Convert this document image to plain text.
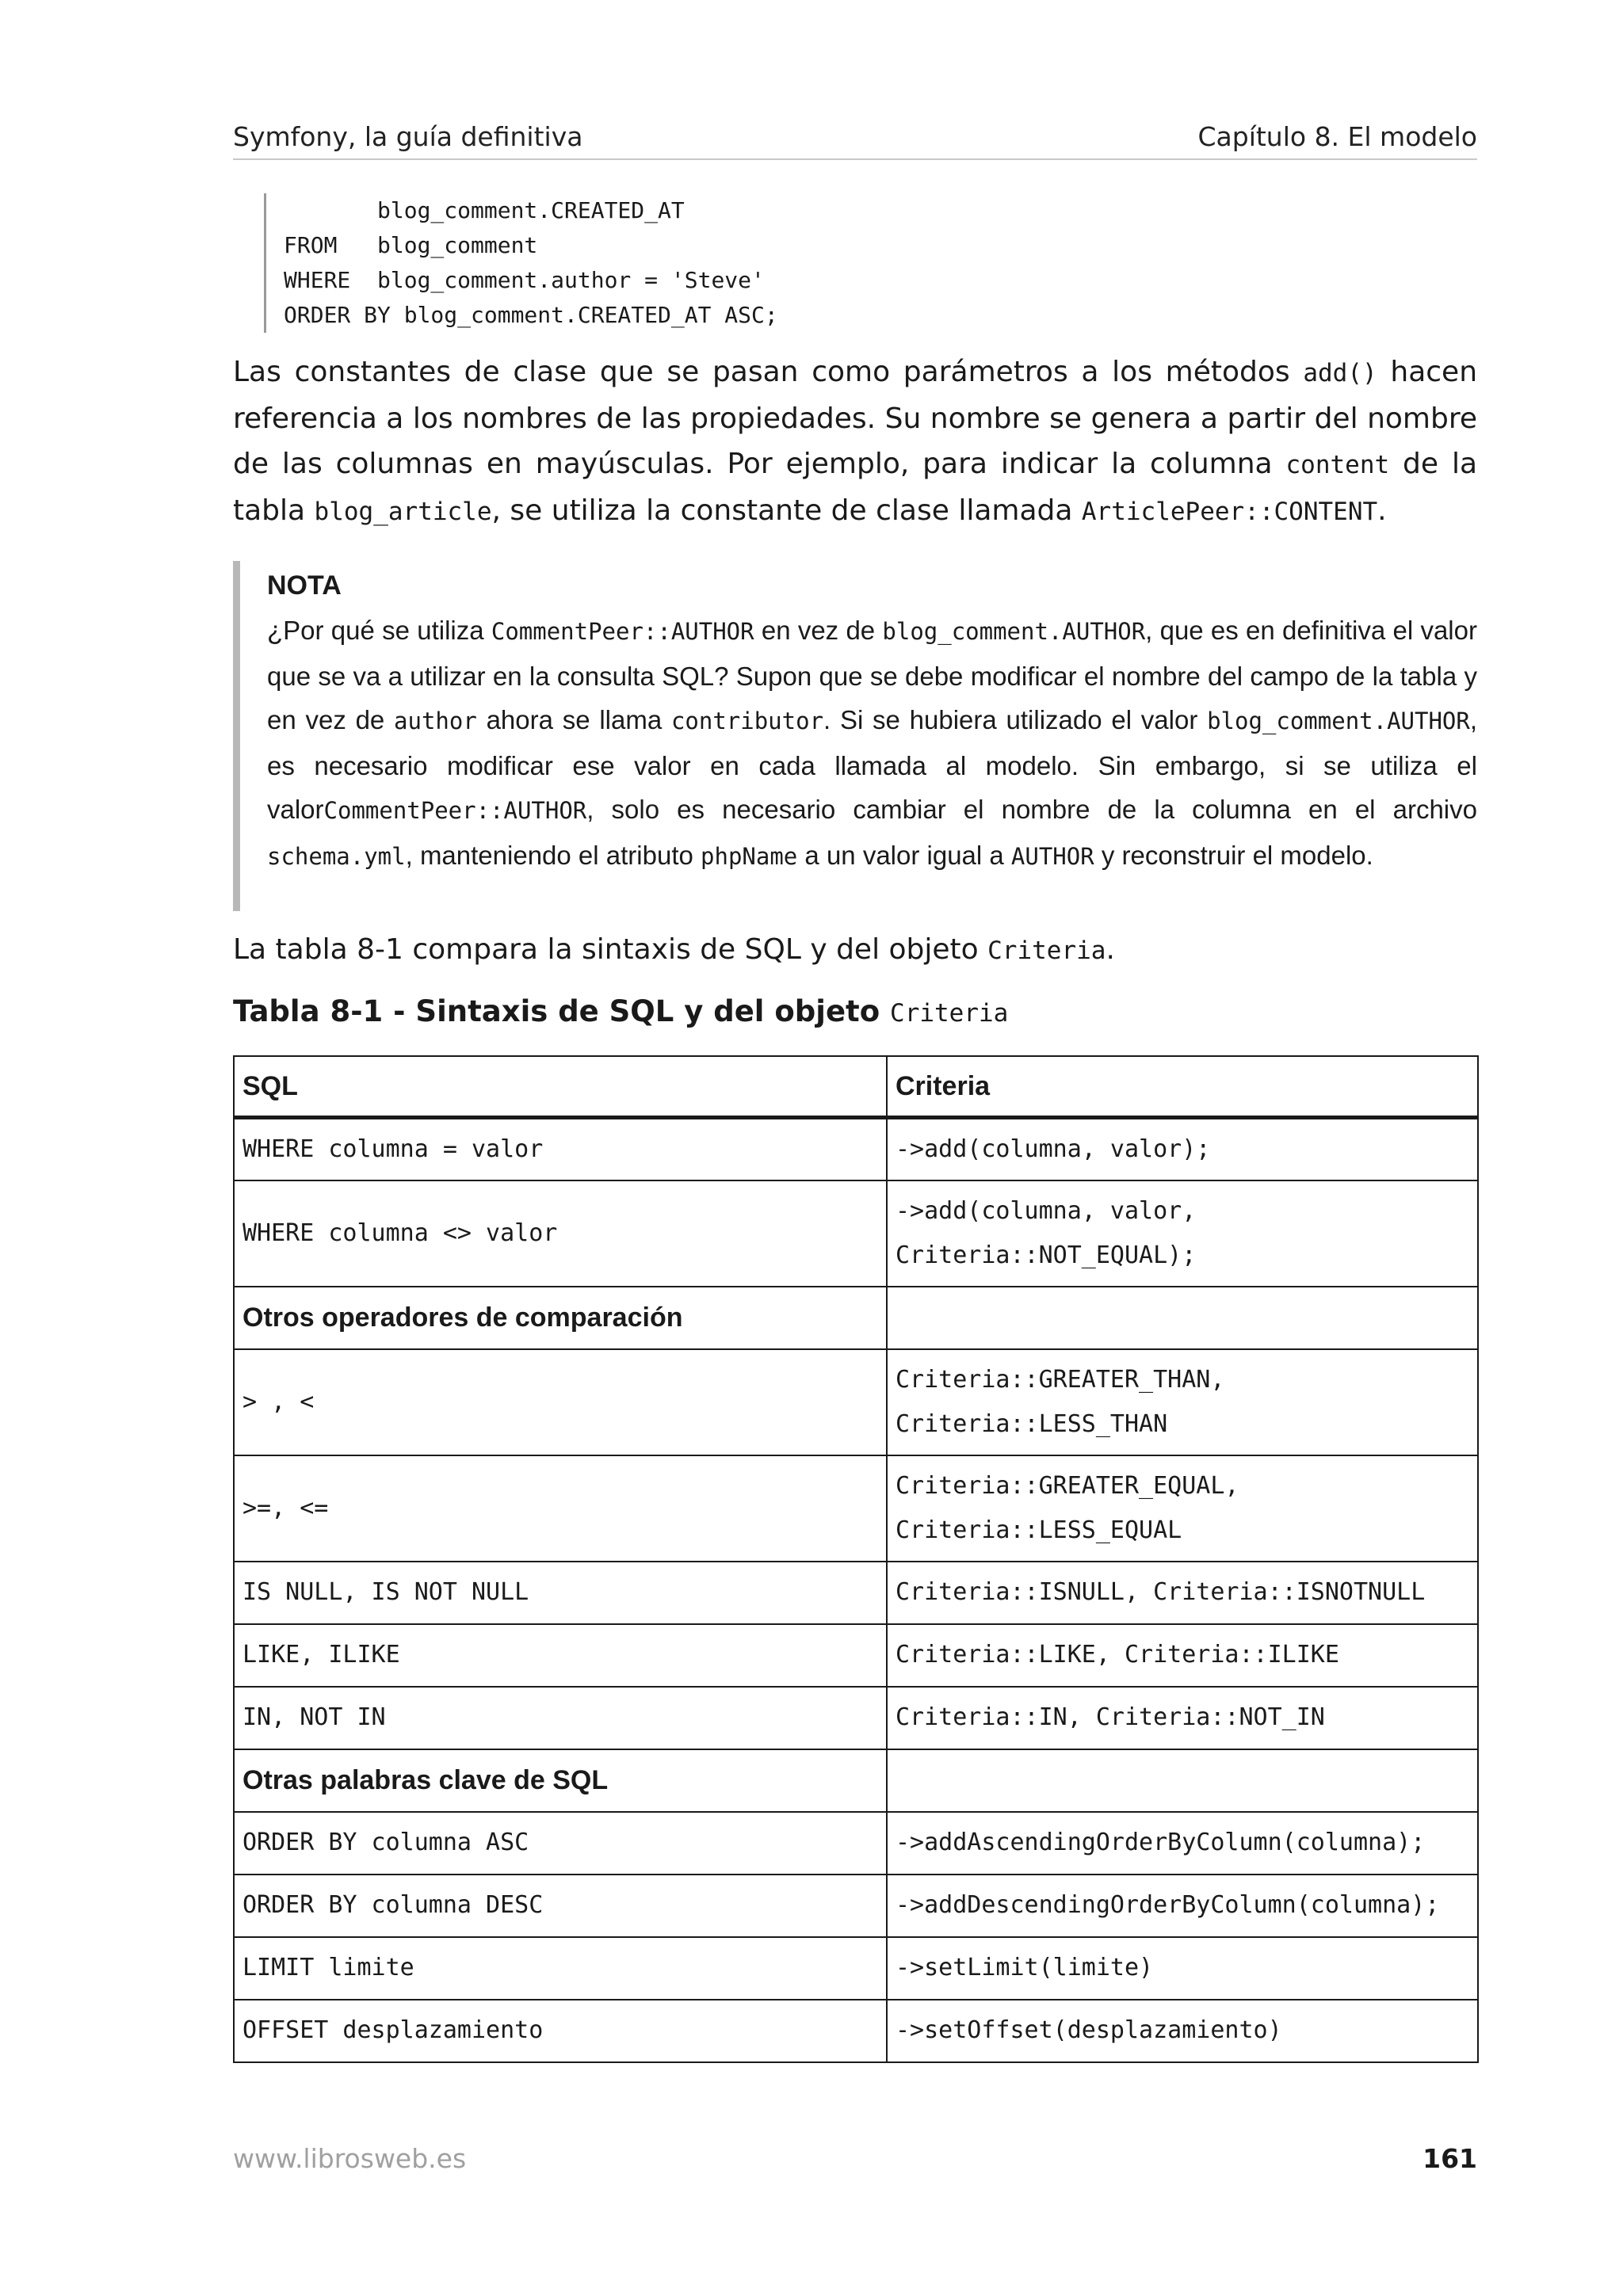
Symfony, la guía definitiva	Capítulo 8. El modelo
blog_comment.CREATED_AT
FROM   blog_comment
WHERE  blog_comment.author = 'Steve'
ORDER BY blog_comment.CREATED_AT ASC;
Las constantes de clase que se pasan como parámetros a los métodos add() hacen referencia a los nombres de las propiedades. Su nombre se genera a partir del nombre de las columnas en mayúsculas. Por ejemplo, para indicar la columna content de la tabla blog_article, se utiliza la constante de clase llamada ArticlePeer::CONTENT.
NOTA
¿Por qué se utiliza CommentPeer::AUTHOR en vez de blog_comment.AUTHOR, que es en definitiva el valor que se va a utilizar en la consulta SQL? Supon que se debe modificar el nombre del campo de la tabla y en vez de author ahora se llama contributor. Si se hubiera utilizado el valor blog_comment.AUTHOR, es necesario modificar ese valor en cada llamada al modelo. Sin embargo, si se utiliza el valorCommentPeer::AUTHOR, solo es necesario cambiar el nombre de la columna en el archivo schema.yml, manteniendo el atributo phpName a un valor igual a AUTHOR y reconstruir el modelo.
La tabla 8-1 compara la sintaxis de SQL y del objeto Criteria.
Tabla 8-1 - Sintaxis de SQL y del objeto Criteria
SQL	Criteria
WHERE columna = valor	->add(columna, valor);

WHERE columna <> valor	->add(columna, valor,
Criteria::NOT_EQUAL);

Otros operadores de comparación	
> , <	Criteria::GREATER_THAN,
Criteria::LESS_THAN

>=, <=	Criteria::GREATER_EQUAL,
Criteria::LESS_EQUAL

IS NULL, IS NOT NULL	Criteria::ISNULL, Criteria::ISNOTNULL

LIKE, ILIKE	Criteria::LIKE, Criteria::ILIKE

IN, NOT IN	Criteria::IN, Criteria::NOT_IN

Otras palabras clave de SQL	
ORDER BY columna ASC	->addAscendingOrderByColumn(columna);

ORDER BY columna DESC	->addDescendingOrderByColumn(columna);

LIMIT limite	->setLimit(limite)

OFFSET desplazamiento	->setOffset(desplazamiento)
www.librosweb.es	161
